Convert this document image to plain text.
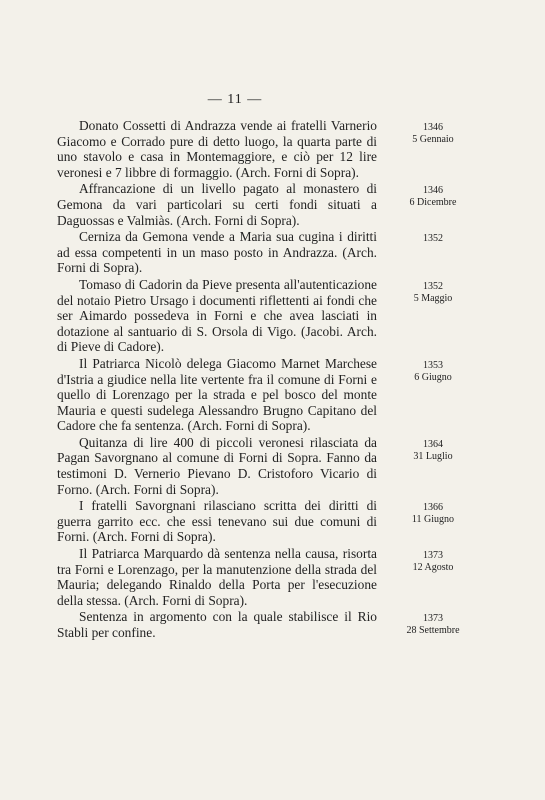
— 11 —
Donato Cossetti di Andrazza vende ai fratelli Varnerio Giacomo e Corrado pure di detto luogo, la quarta parte di uno stavolo e casa in Montemaggiore, e ciò per 12 lire veronesi e 7 libbre di formaggio. (Arch. Forni di Sopra).
1346
5 Gennaio
Affrancazione di un livello pagato al monastero di Gemona da vari particolari su certi fondi situati a Daguossas e Valmiàs. (Arch. Forni di Sopra).
1346
6 Dicembre
Cerniza da Gemona vende a Maria sua cugina i diritti ad essa competenti in un maso posto in Andrazza. (Arch. Forni di Sopra).
1352
Tomaso di Cadorin da Pieve presenta all'autenticazione del notaio Pietro Ursago i documenti riflettenti ai fondi che ser Aimardo possedeva in Forni e che avea lasciati in dotazione al santuario di S. Orsola di Vigo. (Jacobi. Arch. di Pieve di Cadore).
1352
5 Maggio
Il Patriarca Nicolò delega Giacomo Marnet Marchese d'Istria a giudice nella lite vertente fra il comune di Forni e quello di Lorenzago per la strada e pel bosco del monte Mauria e questi sudelega Alessandro Brugno Capitano del Cadore che fa sentenza. (Arch. Forni di Sopra).
1353
6 Giugno
Quitanza di lire 400 di piccoli veronesi rilasciata da Pagan Savorgnano al comune di Forni di Sopra. Fanno da testimoni D. Vernerio Pievano D. Cristoforo Vicario di Forno. (Arch. Forni di Sopra).
1364
31 Luglio
I fratelli Savorgnani rilasciano scritta dei diritti di guerra garrito ecc. che essi tenevano sui due comuni di Forni. (Arch. Forni di Sopra).
1366
11 Giugno
Il Patriarca Marquardo dà sentenza nella causa, risorta tra Forni e Lorenzago, per la manutenzione della strada del Mauria; delegando Rinaldo della Porta per l'esecuzione della stessa. (Arch. Forni di Sopra).
1373
12 Agosto
Sentenza in argomento con la quale stabilisce il Rio Stabli per confine.
1373
28 Settembre
